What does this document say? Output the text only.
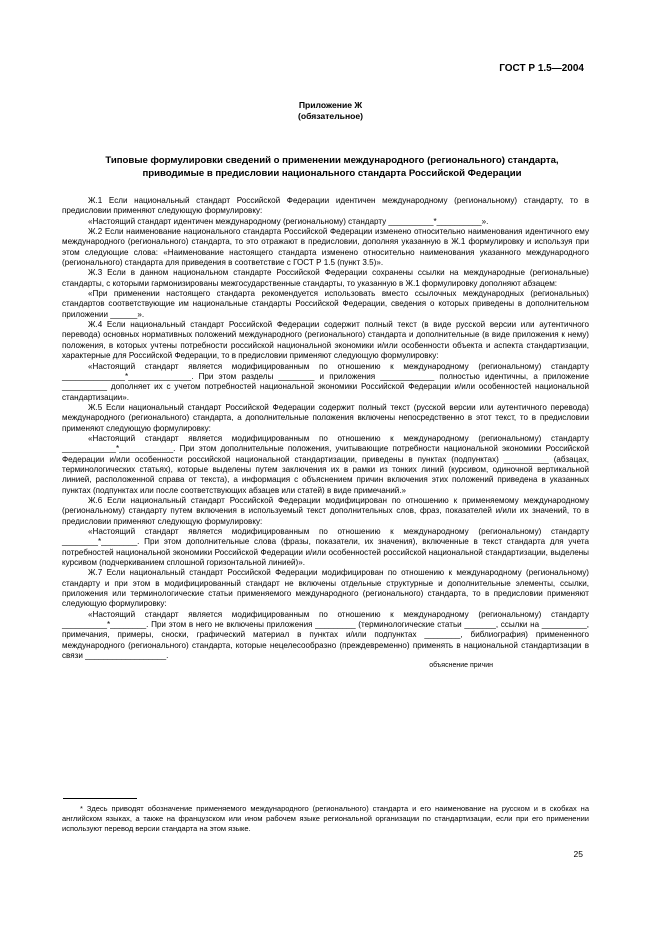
ГОСТ Р 1.5—2004
Приложение Ж
(обязательное)
Типовые формулировки сведений о применении международного (регионального) стандарта,
приводимые в предисловии национального стандарта Российской Федерации

Ж.1 Если национальный стандарт Российской Федерации идентичен международному (региональному) стандарту, то в предисловии применяют следующую формулировку:

«Настоящий стандарт идентичен международному (региональному) стандарту __________*__________».

Ж.2 Если наименование национального стандарта Российской Федерации изменено относительно наименования идентичного ему международного (регионального) стандарта, то это отражают в предисловии, дополняя указанную в Ж.1 формулировку и используя при этом следующие слова: «Наименование настоящего стандарта изменено относительно наименования указанного международного (регионального) стандарта для приведения в соответствие с ГОСТ Р 1.5 (пункт 3.5)».

Ж.3 Если в данном национальном стандарте Российской Федерации сохранены ссылки на международные (региональные) стандарты, с которыми гармонизированы межгосударственные стандарты, то указанную в Ж.1 формулировку дополняют абзацем:

«При применении настоящего стандарта рекомендуется использовать вместо ссылочных международных (региональных) стандартов соответствующие им национальные стандарты Российской Федерации, сведения о которых приведены в дополнительном приложении ______».

Ж.4 Если национальный стандарт Российской Федерации содержит полный текст (в виде русской версии или аутентичного перевода) основных нормативных положений международного (регионального) стандарта и дополнительные (в виде приложения к нему) положения, в которых учтены потребности российской национальной экономики и/или особенности объекта и аспекта стандартизации, характерные для Российской Федерации, то в предисловии применяют следующую формулировку:

«Настоящий стандарт является модифицированным по отношению к международному (региональному) стандарту ______________*______________. При этом разделы ________ и приложения ____________ полностью идентичны, а приложение __________ дополняет их с учетом потребностей национальной экономики Российской Федерации и/или особенностей национальной стандартизации».

Ж.5 Если национальный стандарт Российской Федерации содержит полный текст (русской версии или аутентичного перевода) международного (регионального) стандарта, а дополнительные положения включены непосредственно в этот текст, то в предисловии применяют следующую формулировку:

«Настоящий стандарт является модифицированным по отношению к международному (региональному) стандарту ____________*____________. При этом дополнительные положения, учитывающие потребности национальной экономики Российской Федерации и/или особенности российской национальной стандартизации, приведены в пунктах (подпунктах) __________ (абзацах, терминологических статьях), которые выделены путем заключения их в рамки из тонких линий (курсивом, одиночной вертикальной линией, расположенной справа от текста), а информация с объяснением причин включения этих положений приведена в указанных пунктах (подпунктах или после соответствующих абзацев или статей) в виде примечаний.»

Ж.6 Если национальный стандарт Российской Федерации модифицирован по отношению к применяемому международному (региональному) стандарту путем включения в используемый текст дополнительных слов, фраз, показателей и/или их значений, то в предисловии применяют следующую формулировку:

«Настоящий стандарт является модифицированным по отношению к международному (региональному) стандарту ________*________. При этом дополнительные слова (фразы, показатели, их значения), включенные в текст стандарта для учета потребностей национальной экономики Российской Федерации и/или особенностей российской национальной стандартизации, выделены курсивом (подчеркиванием сплошной горизонтальной линией)».

Ж.7 Если национальный стандарт Российской Федерации модифицирован по отношению к международному (региональному) стандарту и при этом в модифицированный стандарт не включены отдельные структурные и дополнительные элементы, ссылки, приложения или терминологические статьи применяемого международного (регионального) стандарта, то в предисловии применяют следующую формулировку:

«Настоящий стандарт является модифицированным по отношению к международному (региональному) стандарту __________*________. При этом в него не включены приложения _________ (терминологические статьи _______, ссылки на __________, примечания, примеры, сноски, графический материал в пунктах и/или подпунктах ________, библиография) примененного международного (регионального) стандарта, которые нецелесообразно (преждевременно) применять в национальной стандартизации в связи __________________.

объяснение причин

* Здесь приводят обозначение применяемого международного (регионального) стандарта и его наименование на русском и в скобках на английском языках, а также на французском или ином рабочем языке региональной организации по стандартизации, если при его применении используют перевод версии стандарта на этом языке.

25
